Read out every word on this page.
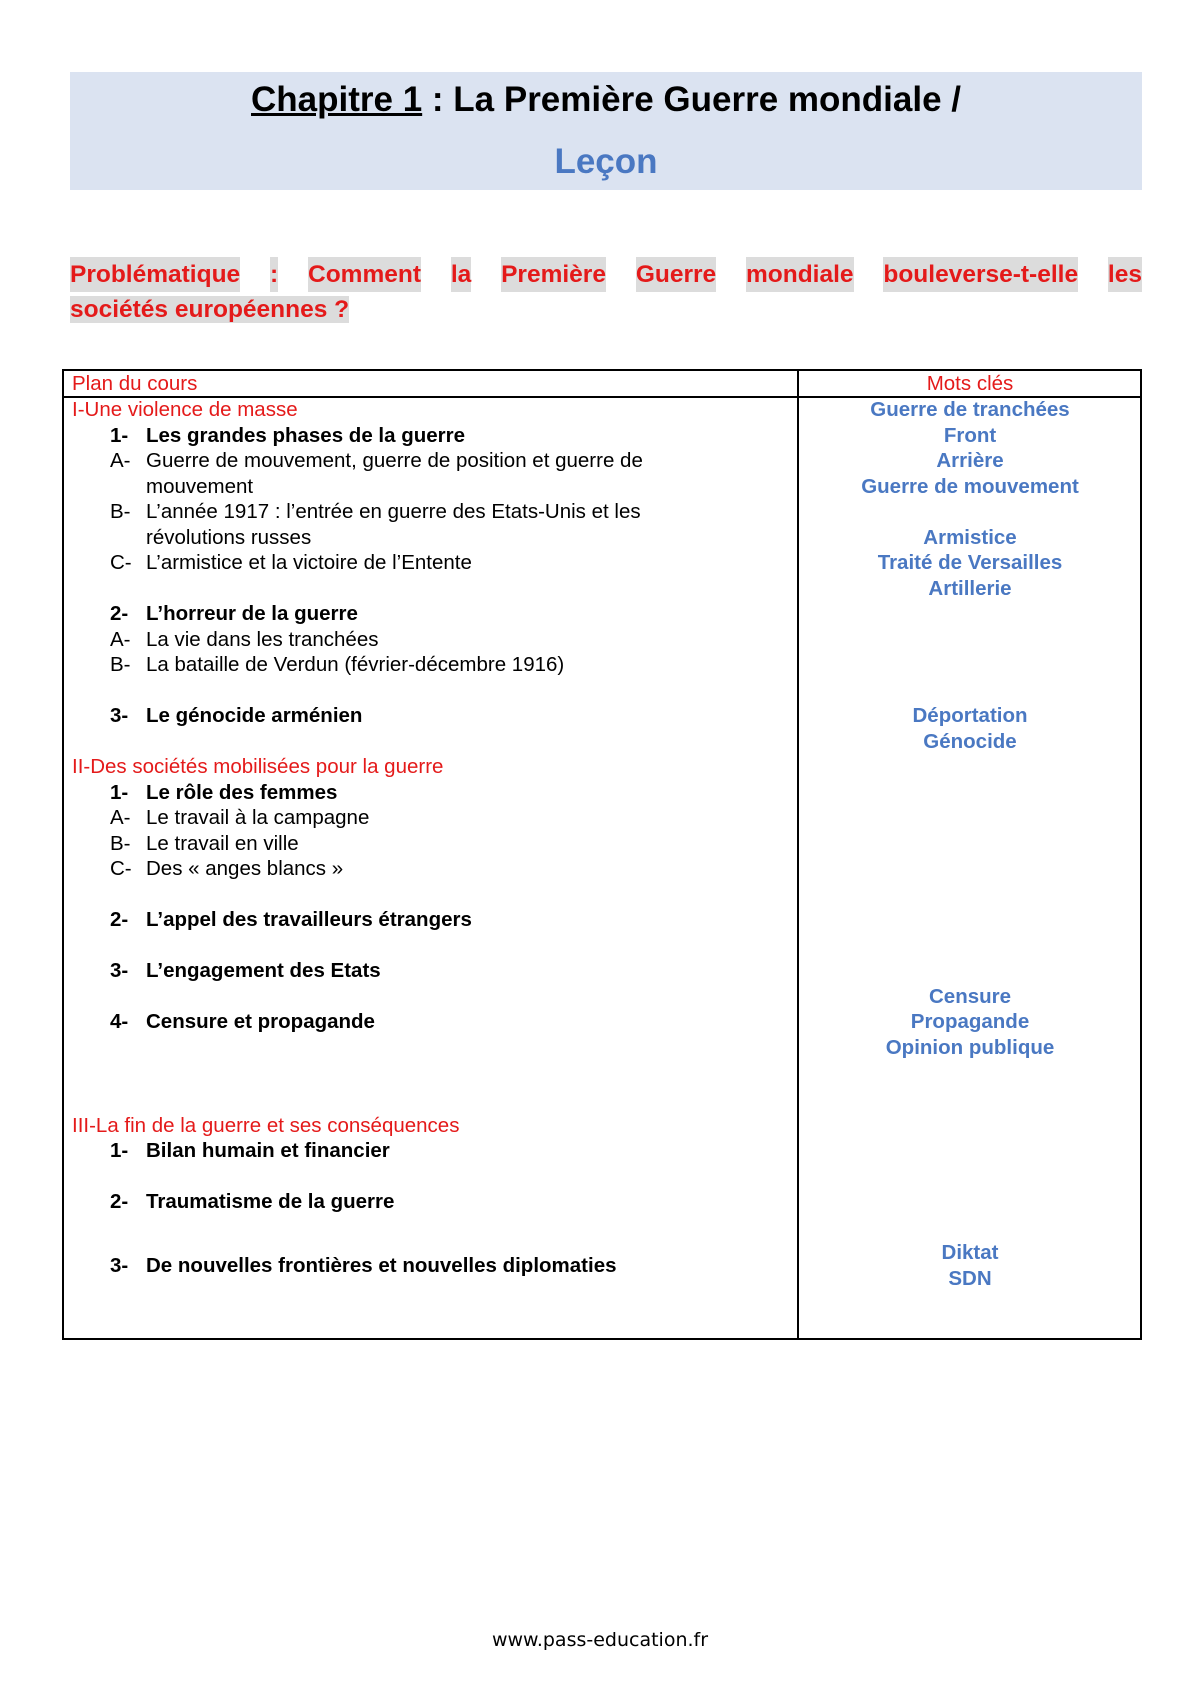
Chapitre 1 : La Première Guerre mondiale /
Leçon
Problématique : Comment la Première Guerre mondiale bouleverse-t-elle les
sociétés européennes ?
Plan du cours	Mots clés
I-Une violence de masse
1- Les grandes phases de la guerre
A- Guerre de mouvement, guerre de position et guerre de
mouvement
B- L’année 1917 : l’entrée en guerre des Etats-Unis et les
révolutions russes
C- L’armistice et la victoire de l’Entente
2- L’horreur de la guerre
A- La vie dans les tranchées
B- La bataille de Verdun (février-décembre 1916)
3- Le génocide arménien
II-Des sociétés mobilisées pour la guerre
1- Le rôle des femmes
A- Le travail à la campagne
B- Le travail en ville
C- Des « anges blancs »
2- L’appel des travailleurs étrangers
3- L’engagement des Etats
4- Censure et propagande
III-La fin de la guerre et ses conséquences
1- Bilan humain et financier
2- Traumatisme de la guerre
3- De nouvelles frontières et nouvelles diplomaties
Guerre de tranchées
Front
Arrière
Guerre de mouvement
Armistice
Traité de Versailles
Artillerie
Déportation
Génocide
Censure
Propagande
Opinion publique
Diktat
SDN
www.pass-education.fr
